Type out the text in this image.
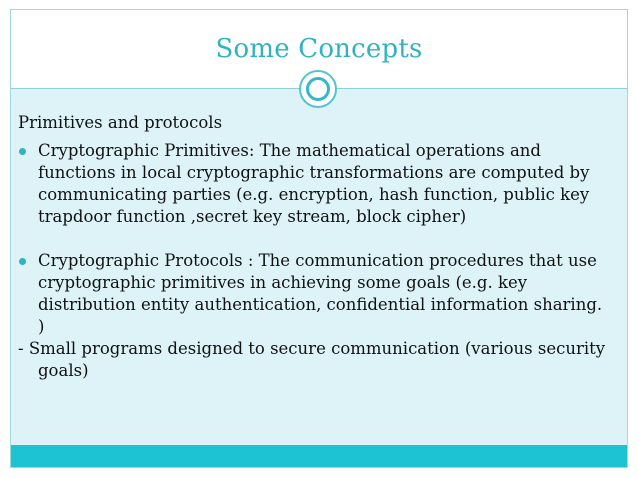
Some Concepts

Primitives and protocols

Cryptographic Primitives: The mathematical operations and functions in local cryptographic transformations are computed by communicating parties (e.g. encryption, hash function, public key trapdoor function ,secret key stream, block cipher)
Cryptographic Protocols : The communication procedures that use cryptographic primitives in achieving some goals (e.g. key distribution entity authentication, confidential information sharing. )

- Small programs designed to secure communication (various security goals)
